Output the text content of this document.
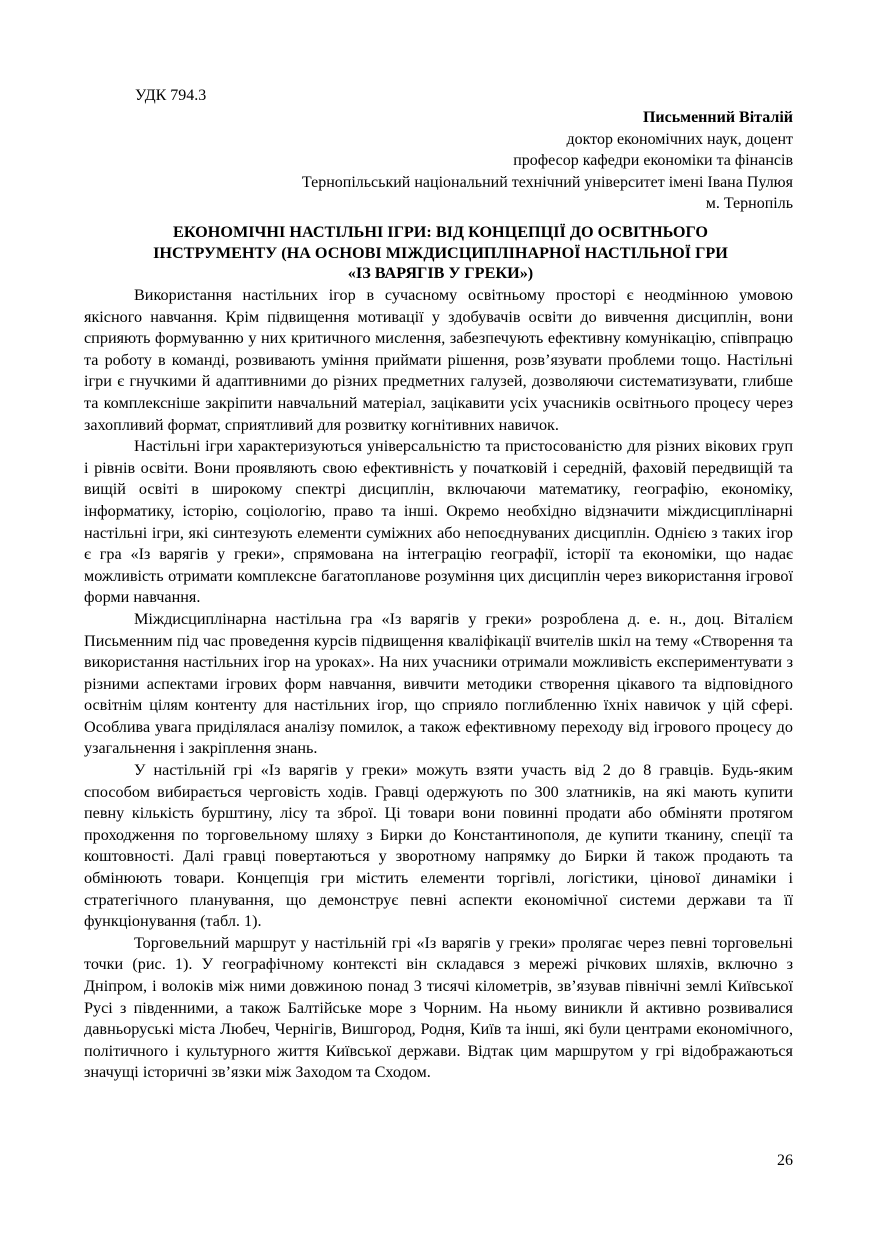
УДК 794.3
Письменний Віталій
доктор економічних наук, доцент
професор кафедри економіки та фінансів
Тернопільський національний технічний університет імені Івана Пулюя
м. Тернопіль
ЕКОНОМІЧНІ НАСТІЛЬНІ ІГРИ: ВІД КОНЦЕПЦІЇ ДО ОСВІТНЬОГО
ІНСТРУМЕНТУ (НА ОСНОВІ МІЖДИСЦИПЛІНАРНОЇ НАСТІЛЬНОЇ ГРИ
«ІЗ ВАРЯГІВ У ГРЕКИ»)

Використання настільних ігор в сучасному освітньому просторі є неодмінною умовою якісного навчання. Крім підвищення мотивації у здобувачів освіти до вивчення дисциплін, вони сприяють формуванню у них критичного мислення, забезпечують ефективну комунікацію, співпрацю та роботу в команді, розвивають уміння приймати рішення, розв’язувати проблеми тощо. Настільні ігри є гнучкими й адаптивними до різних предметних галузей, дозволяючи систематизувати, глибше та комплексніше закріпити навчальний матеріал, зацікавити усіх учасників освітнього процесу через захопливий формат, сприятливий для розвитку когнітивних навичок.

Настільні ігри характеризуються універсальністю та пристосованістю для різних вікових груп і рівнів освіти. Вони проявляють свою ефективність у початковій і середній, фаховій передвищій та вищій освіті в широкому спектрі дисциплін, включаючи математику, географію, економіку, інформатику, історію, соціологію, право та інші. Окремо необхідно відзначити міждисциплінарні настільні ігри, які синтезують елементи суміжних або непоєднуваних дисциплін. Однією з таких ігор є гра «Із варягів у греки», спрямована на інтеграцію географії, історії та економіки, що надає можливість отримати комплексне багатопланове розуміння цих дисциплін через використання ігрової форми навчання.

Міждисциплінарна настільна гра «Із варягів у греки» розроблена д. е. н., доц. Віталієм Письменним під час проведення курсів підвищення кваліфікації вчителів шкіл на тему «Створення та використання настільних ігор на уроках». На них учасники отримали можливість експериментувати з різними аспектами ігрових форм навчання, вивчити методики створення цікавого та відповідного освітнім цілям контенту для настільних ігор, що сприяло поглибленню їхніх навичок у цій сфері. Особлива увага приділялася аналізу помилок, а також ефективному переходу від ігрового процесу до узагальнення і закріплення знань.

У настільній грі «Із варягів у греки» можуть взяти участь від 2 до 8 гравців. Будь-яким способом вибирається черговість ходів. Гравці одержують по 300 златників, на які мають купити певну кількість бурштину, лісу та зброї. Ці товари вони повинні продати або обміняти протягом проходження по торговельному шляху з Бирки до Константинополя, де купити тканину, спеції та коштовності. Далі гравці повертаються у зворотному напрямку до Бирки й також продають та обмінюють товари. Концепція гри містить елементи торгівлі, логістики, цінової динаміки і стратегічного планування, що демонструє певні аспекти економічної системи держави та її функціонування (табл. 1).

Торговельний маршрут у настільній грі «Із варягів у греки» пролягає через певні торговельні точки (рис. 1). У географічному контексті він складався з мережі річкових шляхів, включно з Дніпром, і волоків між ними довжиною понад 3 тисячі кілометрів, зв’язував північні землі Київської Русі з південними, а також Балтійське море з Чорним. На ньому виникли й активно розвивалися давньоруські міста Любеч, Чернігів, Вишгород, Родня, Київ та інші, які були центрами економічного, політичного і культурного життя Київської держави. Відтак цим маршрутом у грі відображаються значущі історичні зв’язки між Заходом та Сходом.

26
